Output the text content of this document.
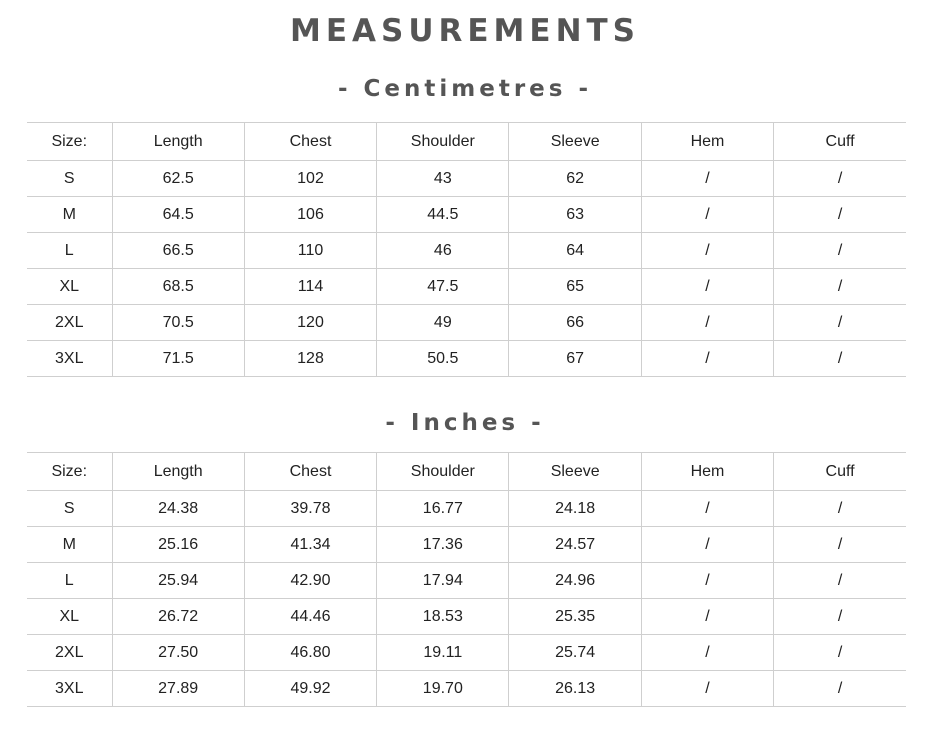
MEASUREMENTS
- Centimetres -
Size:	Length	Chest	Shoulder	Sleeve	Hem	Cuff
S	62.5	102	43	62	/	/
M	64.5	106	44.5	63	/	/
L	66.5	110	46	64	/	/
XL	68.5	114	47.5	65	/	/
2XL	70.5	120	49	66	/	/
3XL	71.5	128	50.5	67	/	/
- Inches -
Size:	Length	Chest	Shoulder	Sleeve	Hem	Cuff
S	24.38	39.78	16.77	24.18	/	/
M	25.16	41.34	17.36	24.57	/	/
L	25.94	42.90	17.94	24.96	/	/
XL	26.72	44.46	18.53	25.35	/	/
2XL	27.50	46.80	19.11	25.74	/	/
3XL	27.89	49.92	19.70	26.13	/	/
